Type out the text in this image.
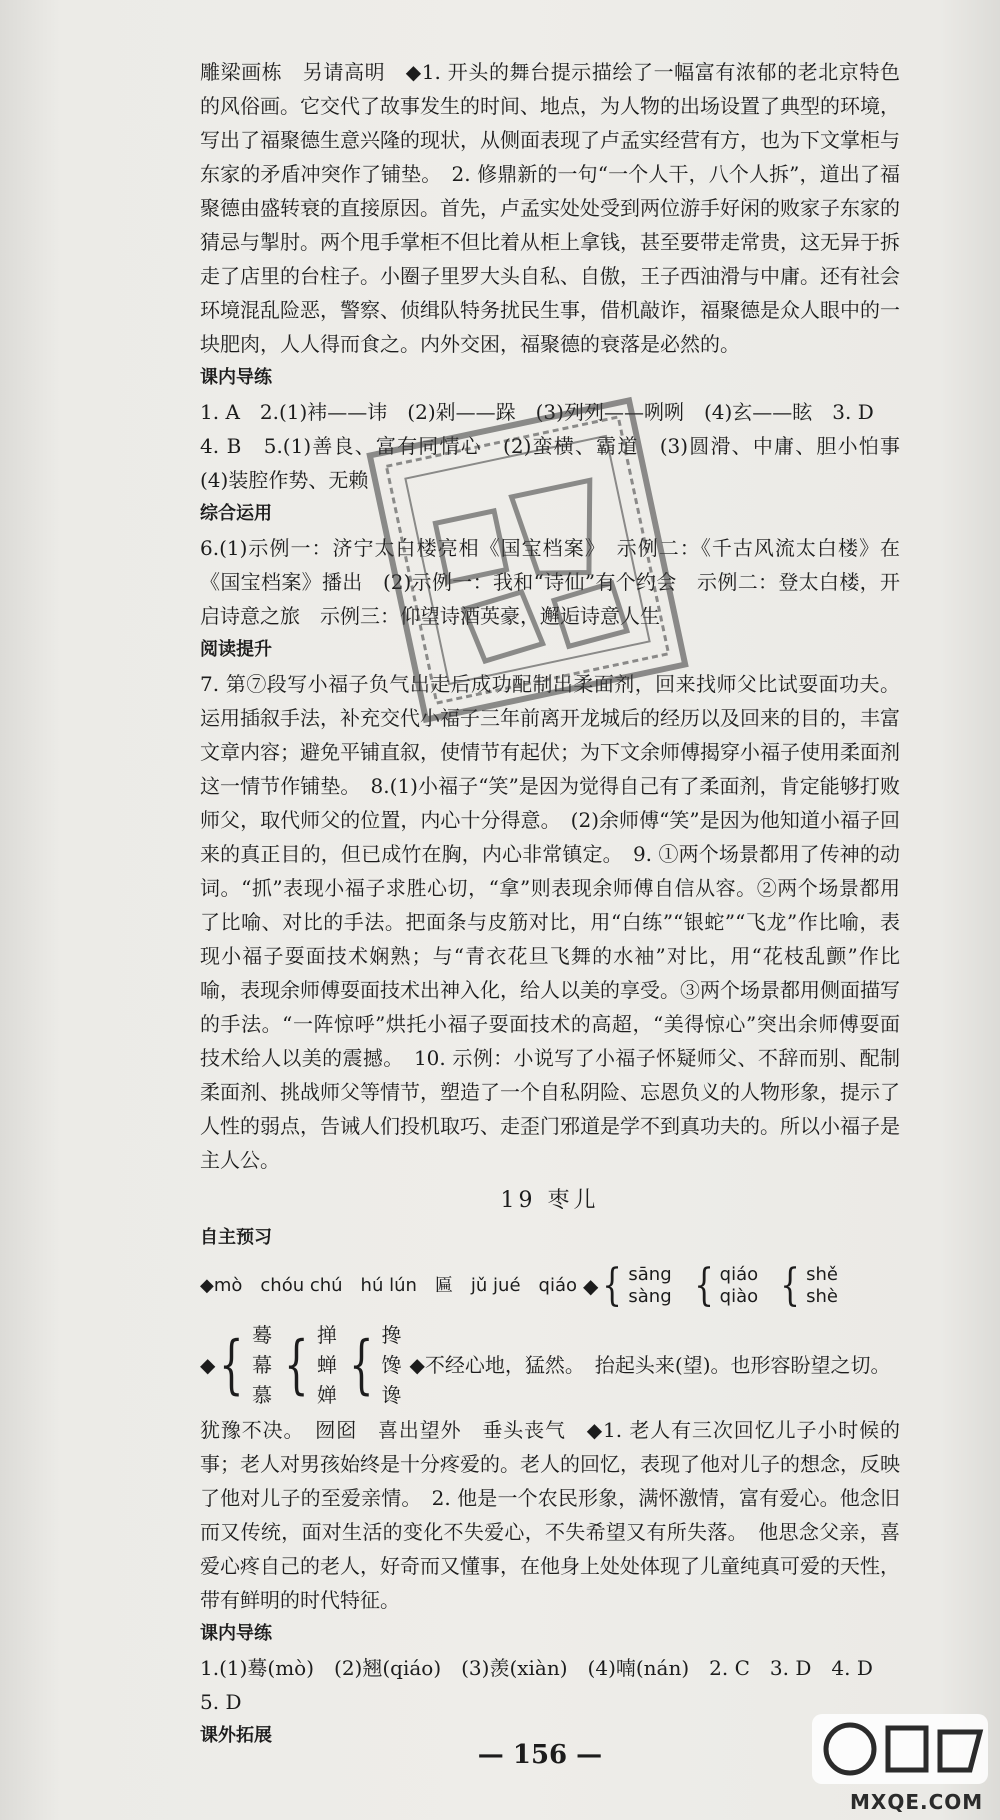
雕梁画栋　另请高明　◆1. 开头的舞台提示描绘了一幅富有浓郁的老北京特色的风俗画。它交代了故事发生的时间、地点，为人物的出场设置了典型的环境，写出了福聚德生意兴隆的现状，从侧面表现了卢孟实经营有方，也为下文掌柜与东家的矛盾冲突作了铺垫。　2. 修鼎新的一句“一个人干，八个人拆”，道出了福聚德由盛转衰的直接原因。首先，卢孟实处处受到两位游手好闲的败家子东家的猜忌与掣肘。两个甩手掌柜不但比着从柜上拿钱，甚至要带走常贵，这无异于拆走了店里的台柱子。小圈子里罗大头自私、自傲，王子西油滑与中庸。还有社会环境混乱险恶，警察、侦缉队特务扰民生事，借机敲诈，福聚德是众人眼中的一块肥肉，人人得而食之。内外交困，福聚德的衰落是必然的。

课内导练

1. A　2.(1)袆——讳　(2)剁——跺　(3)列列——咧咧　(4)玄——眩　3. D

4. B　5.(1)善良、富有同情心　(2)蛮横、霸道　(3)圆滑、中庸、胆小怕事　(4)装腔作势、无赖

综合运用

6.(1)示例一：济宁太白楼亮相《国宝档案》　示例二：《千古风流太白楼》在《国宝档案》播出　(2)示例一：我和“诗仙”有个约会　示例二：登太白楼，开启诗意之旅　示例三：仰望诗酒英豪，邂逅诗意人生

阅读提升

7. 第⑦段写小福子负气出走后成功配制出柔面剂，回来找师父比试耍面功夫。运用插叙手法，补充交代小福子三年前离开龙城后的经历以及回来的目的，丰富文章内容；避免平铺直叙，使情节有起伏；为下文余师傅揭穿小福子使用柔面剂这一情节作铺垫。　8.(1)小福子“笑”是因为觉得自己有了柔面剂，肯定能够打败师父，取代师父的位置，内心十分得意。　(2)余师傅“笑”是因为他知道小福子回来的真正目的，但已成竹在胸，内心非常镇定。　9. ①两个场景都用了传神的动词。“抓”表现小福子求胜心切，“拿”则表现余师傅自信从容。②两个场景都用了比喻、对比的手法。把面条与皮筋对比，用“白练”“银蛇”“飞龙”作比喻，表现小福子耍面技术娴熟；与“青衣花旦飞舞的水袖”对比，用“花枝乱颤”作比喻，表现余师傅耍面技术出神入化，给人以美的享受。③两个场景都用侧面描写的手法。“一阵惊呼”烘托小福子耍面技术的高超，“美得惊心”突出余师傅耍面技术给人以美的震撼。　10. 示例：小说写了小福子怀疑师父、不辞而别、配制柔面剂、挑战师父等情节，塑造了一个自私阴险、忘恩负义的人物形象，提示了人性的弱点，告诫人们投机取巧、走歪门邪道是学不到真功夫的。所以小福子是主人公。

19 枣儿
自主预习
◆mò　chóu chú　hú lún　匾　jǔ jué　qiáo ◆ { sāng
sàng { qiáo
qiào { shě
shè
◆ { 蓦
幕
慕 { 掸
蝉
婵 { 搀
馋
谗
◆不经心地，猛然。　抬起头来(望)。也形容盼望之切。

犹豫不决。　囫囵　喜出望外　垂头丧气　◆1. 老人有三次回忆儿子小时候的事；老人对男孩始终是十分疼爱的。老人的回忆，表现了他对儿子的想念，反映了他对儿子的至爱亲情。　2. 他是一个农民形象，满怀激情，富有爱心。他念旧而又传统，面对生活的变化不失爱心，不失希望又有所失落。　他思念父亲，喜爱心疼自己的老人，好奇而又懂事，在他身上处处体现了儿童纯真可爱的天性，带有鲜明的时代特征。

课内导练

1.(1)蓦(mò)　(2)翘(qiáo)　(3)羡(xiàn)　(4)喃(nán)　2. C　3. D　4. D

5. D

课外拓展
— 156 —
MXQE.COM
